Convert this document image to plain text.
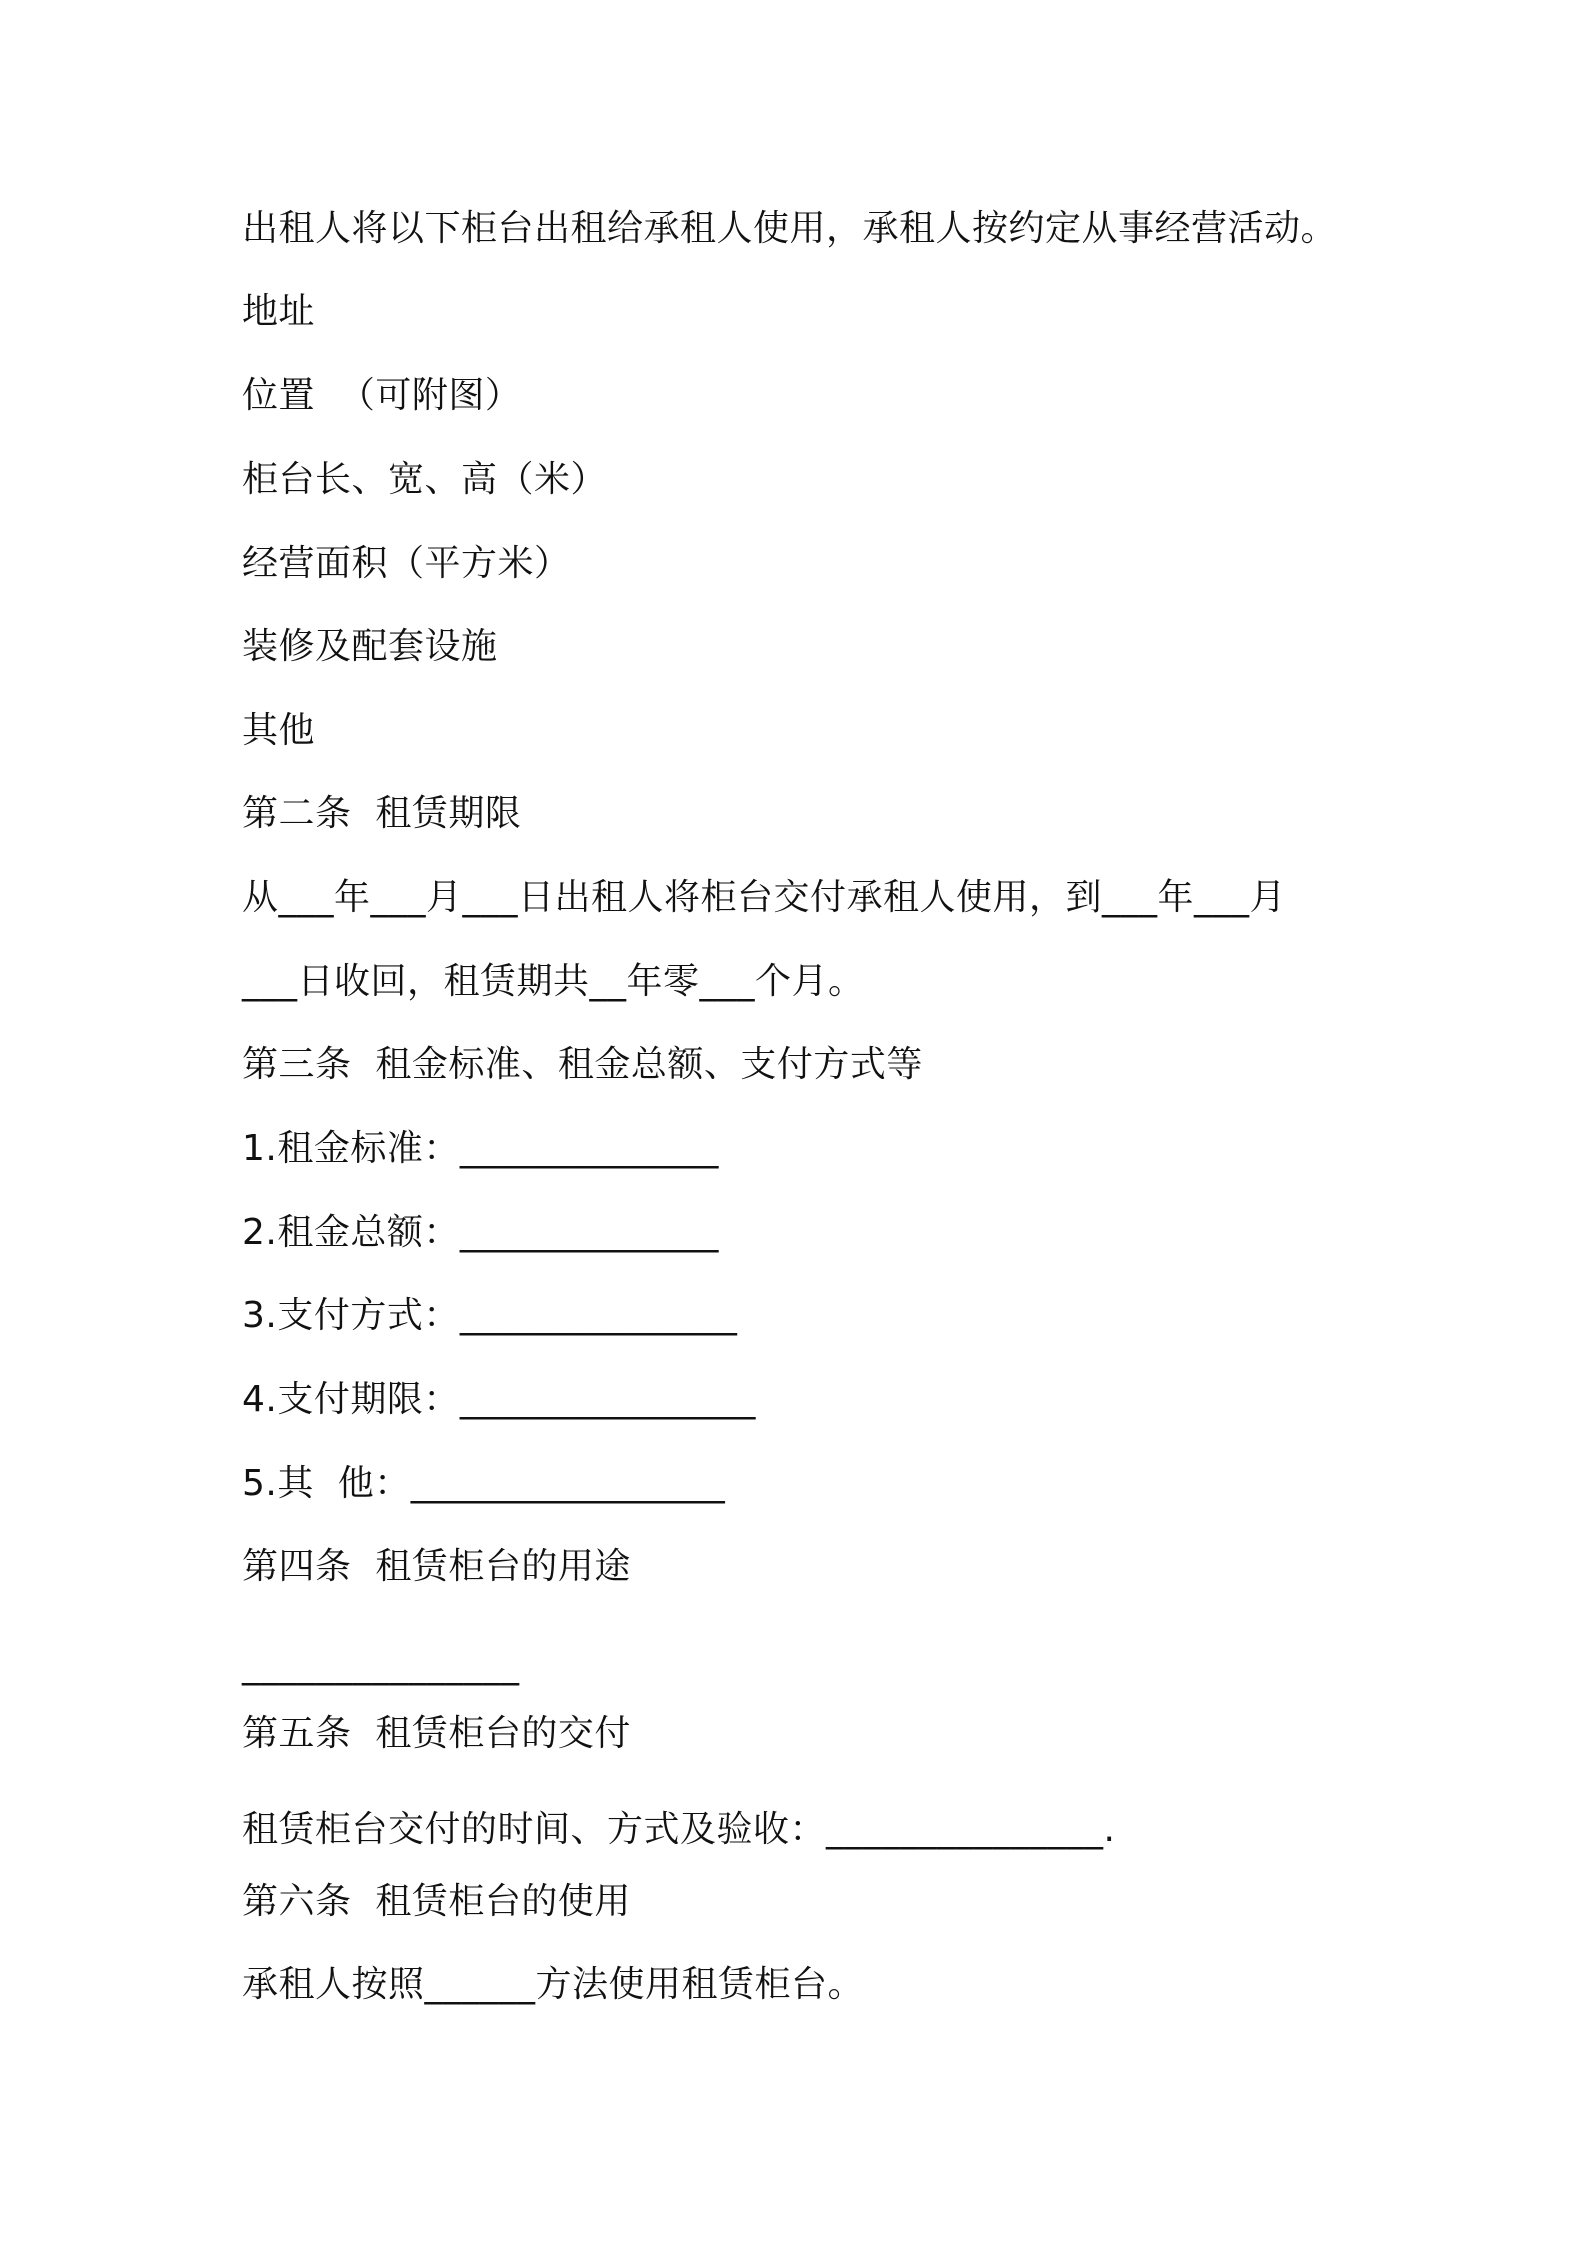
出租人将以下柜台出租给承租人使用，承租人按约定从事经营活动。
地址
位置  （可附图）
柜台长、宽、高（米）
经营面积（平方米）
装修及配套设施
其他
第二条  租赁期限
从___年___月___日出租人将柜台交付承租人使用，到___年___月
___日收回，租赁期共__年零___个月。
第三条  租金标准、租金总额、支付方式等
1.租金标准：______________
2.租金总额：______________
3.支付方式：_______________
4.支付期限：________________
5.其  他：_________________
第四条  租赁柜台的用途
_______________
第五条  租赁柜台的交付
租赁柜台交付的时间、方式及验收：_______________.
第六条  租赁柜台的使用
承租人按照______方法使用租赁柜台。
